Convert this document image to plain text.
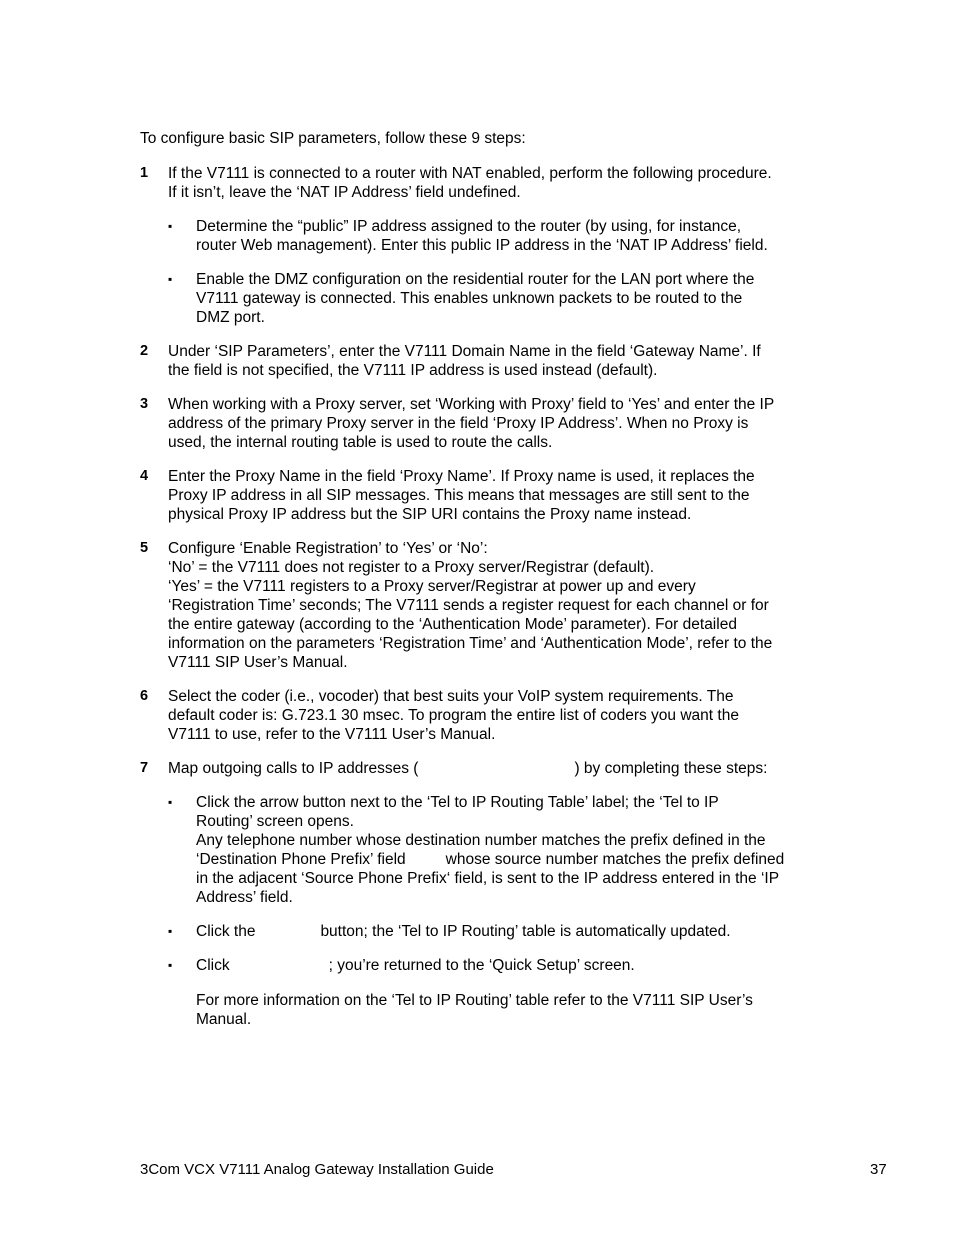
To configure basic SIP parameters, follow these 9 steps:

1	If the V7111 is connected to a router with NAT enabled, perform the following procedure.
If it isn’t, leave the ‘NAT IP Address’ field undefined.
▪	Determine the “public” IP address assigned to the router (by using, for instance,
router Web management). Enter this public IP address in the ‘NAT IP Address’ field.
▪	Enable the DMZ configuration on the residential router for the LAN port where the
V7111 gateway is connected. This enables unknown packets to be routed to the
DMZ port.
2	Under ‘SIP Parameters’, enter the V7111 Domain Name in the field ‘Gateway Name’. If
the field is not specified, the V7111 IP address is used instead (default).
3	When working with a Proxy server, set ‘Working with Proxy’ field to ‘Yes’ and enter the IP
address of the primary Proxy server in the field ‘Proxy IP Address’. When no Proxy is
used, the internal routing table is used to route the calls.
4	Enter the Proxy Name in the field ‘Proxy Name’. If Proxy name is used, it replaces the
Proxy IP address in all SIP messages. This means that messages are still sent to the
physical Proxy IP address but the SIP URI contains the Proxy name instead.
5	Configure ‘Enable Registration’ to ‘Yes’ or ‘No’:
‘No’ = the V7111 does not register to a Proxy server/Registrar (default).
‘Yes’ = the V7111 registers to a Proxy server/Registrar at power up and every
‘Registration Time’ seconds; The V7111 sends a register request for each channel or for
the entire gateway (according to the ‘Authentication Mode’ parameter). For detailed
information on the parameters ‘Registration Time’ and ‘Authentication Mode’, refer to the
V7111 SIP User’s Manual.
6	Select the coder (i.e., vocoder) that best suits your VoIP system requirements. The
default coder is: G.723.1 30 msec. To program the entire list of coders you want the
V7111 to use, refer to the V7111 User’s Manual.
7	Map outgoing calls to IP addresses (	) by completing these steps:
▪	Click the arrow button next to the ‘Tel to IP Routing Table’ label; the ‘Tel to IP
Routing’ screen opens.
Any telephone number whose destination number matches the prefix defined in the
‘Destination Phone Prefix’ field	whose source number matches the prefix defined
in the adjacent ‘Source Phone Prefix‘ field, is sent to the IP address entered in the ‘IP
Address’ field.
▪	Click the	button; the ‘Tel to IP Routing’ table is automatically updated.
▪	Click	; you’re returned to the ‘Quick Setup’ screen.
For more information on the ‘Tel to IP Routing’ table refer to the V7111 SIP User’s
Manual.
3Com VCX V7111 Analog Gateway Installation Guide	37
